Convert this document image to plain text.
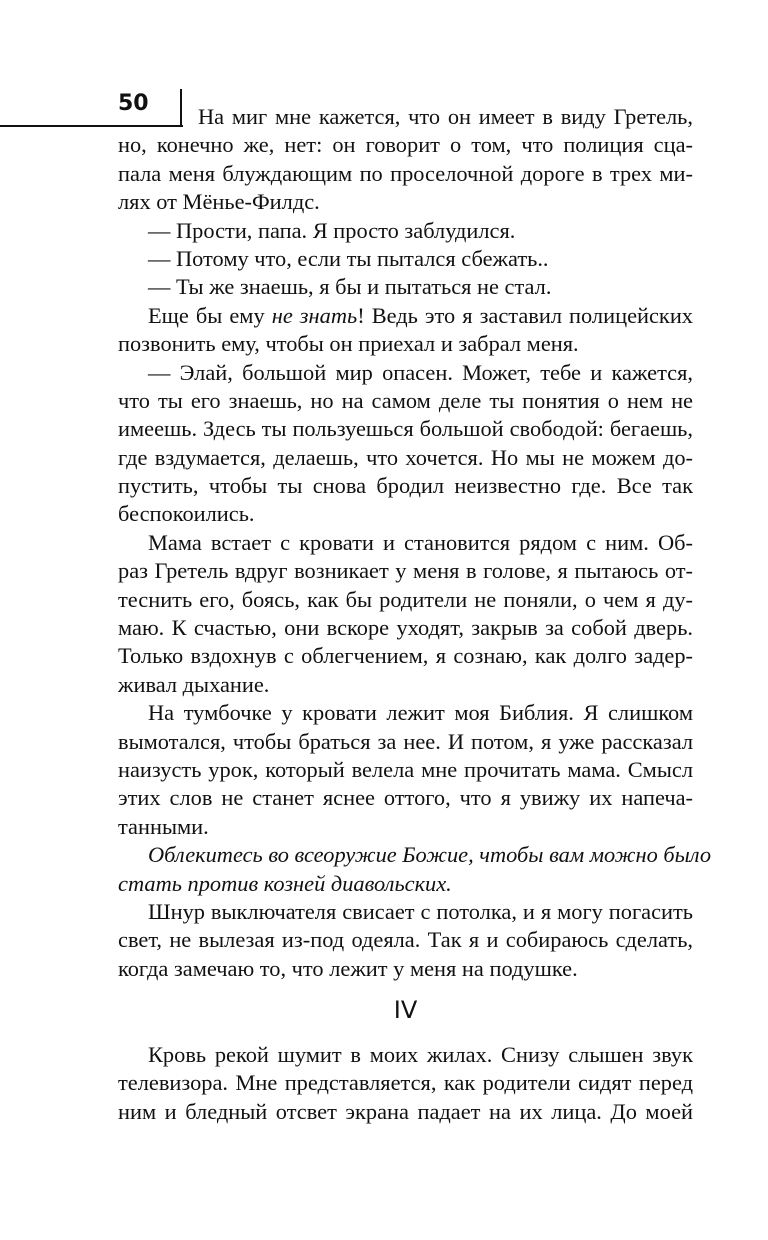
50
На миг мне кажется, что он имеет в виду Гретель,
но, конечно же, нет: он говорит о том, что полиция сца-
пала меня блуждающим по проселочной дороге в трех ми-
лях от Мёнье-Филдс.
— Прости, папа. Я просто заблудился.
— Потому что, если ты пытался сбежать..
— Ты же знаешь, я бы и пытаться не стал.
Еще бы ему не знать! Ведь это я заставил полицейских
позвонить ему, чтобы он приехал и забрал меня.
— Элай, большой мир опасен. Может, тебе и кажется,
что ты его знаешь, но на самом деле ты понятия о нем не
имеешь. Здесь ты пользуешься большой свободой: бегаешь,
где вздумается, делаешь, что хочется. Но мы не можем до-
пустить, чтобы ты снова бродил неизвестно где. Все так
беспокоились.
Мама встает с кровати и становится рядом с ним. Об-
раз Гретель вдруг возникает у меня в голове, я пытаюсь от-
теснить его, боясь, как бы родители не поняли, о чем я ду-
маю. К счастью, они вскоре уходят, закрыв за собой дверь.
Только вздохнув с облегчением, я сознаю, как долго задер-
живал дыхание.
На тумбочке у кровати лежит моя Библия. Я слишком
вымотался, чтобы браться за нее. И потом, я уже рассказал
наизусть урок, который велела мне прочитать мама. Смысл
этих слов не станет яснее оттого, что я увижу их напеча-
танными.
Облекитесь во всеоружие Божие, чтобы вам можно было
стать против козней диавольских.
Шнур выключателя свисает с потолка, и я могу погасить
свет, не вылезая из-под одеяла. Так я и собираюсь сделать,
когда замечаю то, что лежит у меня на подушке.
IV
Кровь рекой шумит в моих жилах. Снизу слышен звук
телевизора. Мне представляется, как родители сидят перед
ним и бледный отсвет экрана падает на их лица. До моей
